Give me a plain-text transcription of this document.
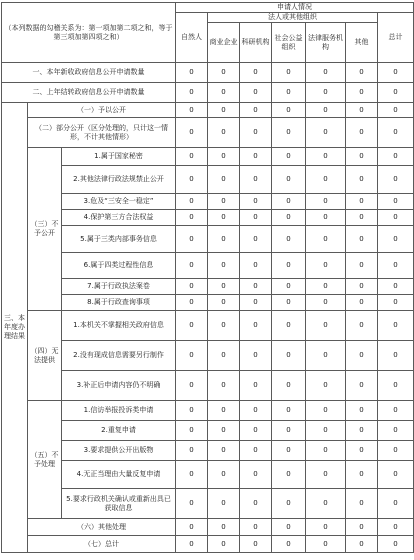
（本列数据的勾稽关系为：第一项加第二项之和，等于第三项加第四项之和）			申请人情况						
			自然人	法人或其他组织					总计
				商业企业	科研机构	社会公益组织	法律服务机构	其他	
一、本年新收政府信息公开申请数量			0	0	0	0	0	0	0
二、上年结转政府信息公开申请数量			0	0	0	0	0	0	0
三、本年度办理结果	（一）予以公开		0	0	0	0	0	0	0
	（二）部分公开（区分处理的，只计这一情形，不计其他情形）		0	0	0	0	0	0	0
	（三）不予公开	1.属于国家秘密	0	0	0	0	0	0	0
		2.其他法律行政法规禁止公开	0	0	0	0	0	0	0
		3.危及“三安全一稳定”	0	0	0	0	0	0	0
		4.保护第三方合法权益	0	0	0	0	0	0	0
		5.属于三类内部事务信息	0	0	0	0	0	0	0
		6.属于四类过程性信息	0	0	0	0	0	0	0
		7.属于行政执法案卷	0	0	0	0	0	0	0
		8.属于行政查询事项	0	0	0	0	0	0	0
	（四）无法提供	1.本机关不掌握相关政府信息	0	0	0	0	0	0	0
		2.没有现成信息需要另行制作	0	0	0	0	0	0	0
		3.补正后申请内容仍不明确	0	0	0	0	0	0	0
	（五）不予处理	1.信访举报投诉类申请	0	0	0	0	0	0	0
		2.重复申请	0	0	0	0	0	0	0
		3.要求提供公开出版物	0	0	0	0	0	0	0
		4.无正当理由大量反复申请	0	0	0	0	0	0	0
		5.要求行政机关确认或重新出具已获取信息	0	0	0	0	0	0	0
	（六）其他处理		0	0	0	0	0	0	0
	（七）总计		0	0	0	0	0	0	0
